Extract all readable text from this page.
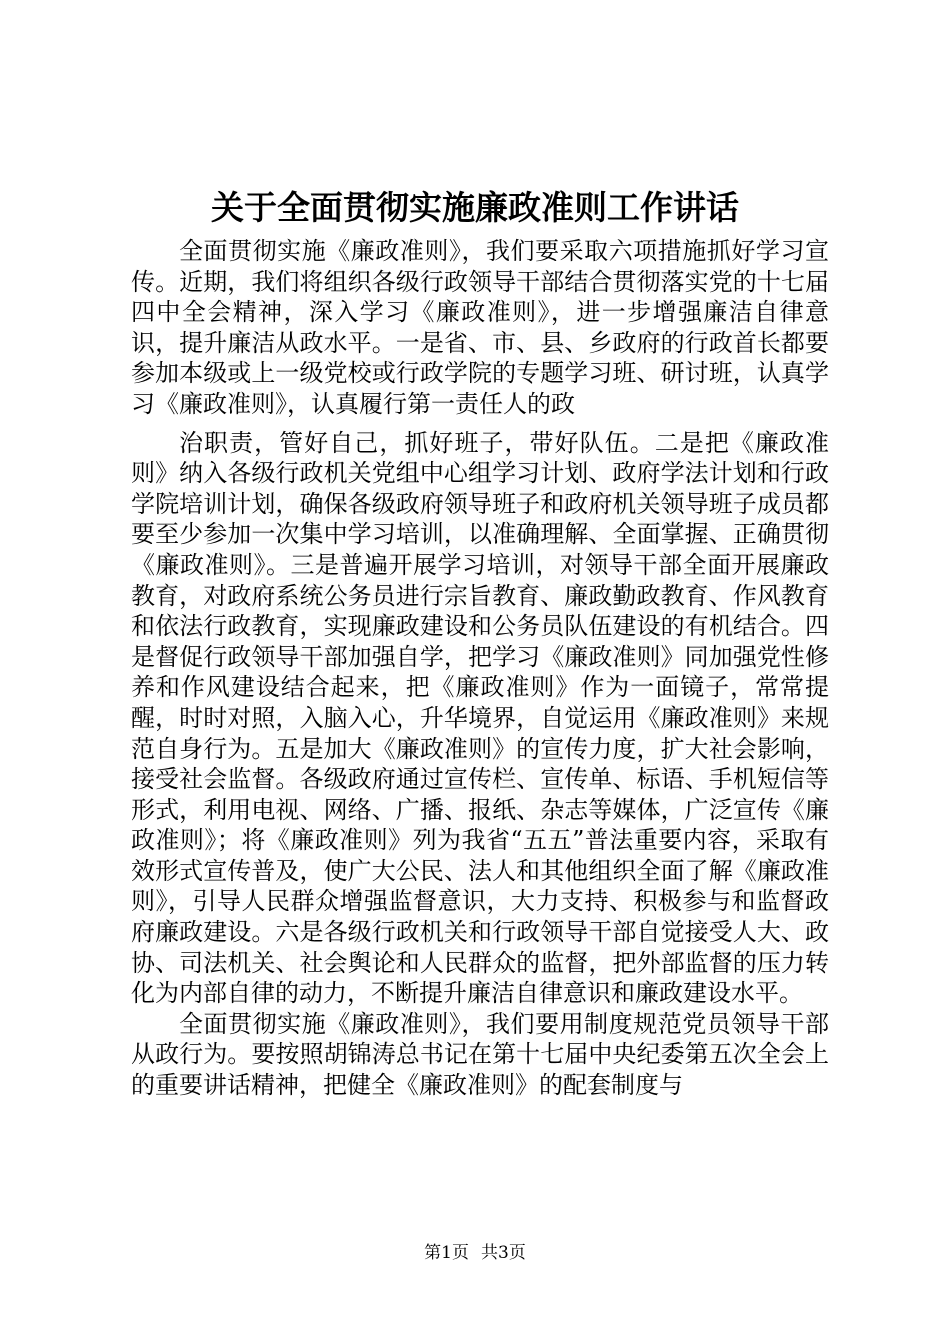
关于全面贯彻实施廉政准则工作讲话

全面贯彻实施《廉政准则》，我们要采取六项措施抓好学习宣传。近期，我们将组织各级行政领导干部结合贯彻落实党的十七届四中全会精神，深入学习《廉政准则》，进一步增强廉洁自律意识，提升廉洁从政水平。一是省、市、县、乡政府的行政首长都要参加本级或上一级党校或行政学院的专题学习班、研讨班，认真学习《廉政准则》，认真履行第一责任人的政

治职责，管好自己，抓好班子，带好队伍。二是把《廉政准则》纳入各级行政机关党组中心组学习计划、政府学法计划和行政学院培训计划，确保各级政府领导班子和政府机关领导班子成员都要至少参加一次集中学习培训，以准确理解、全面掌握、正确贯彻《廉政准则》。三是普遍开展学习培训，对领导干部全面开展廉政教育，对政府系统公务员进行宗旨教育、廉政勤政教育、作风教育和依法行政教育，实现廉政建设和公务员队伍建设的有机结合。四是督促行政领导干部加强自学，把学习《廉政准则》同加强党性修养和作风建设结合起来，把《廉政准则》作为一面镜子，常常提醒，时时对照，入脑入心，升华境界，自觉运用《廉政准则》来规范自身行为。五是加大《廉政准则》的宣传力度，扩大社会影响，接受社会监督。各级政府通过宣传栏、宣传单、标语、手机短信等形式，利用电视、网络、广播、报纸、杂志等媒体，广泛宣传《廉政准则》；将《廉政准则》列为我省“五五”普法重要内容，采取有效形式宣传普及，使广大公民、法人和其他组织全面了解《廉政准则》，引导人民群众增强监督意识，大力支持、积极参与和监督政府廉政建设。六是各级行政机关和行政领导干部自觉接受人大、政协、司法机关、社会舆论和人民群众的监督，把外部监督的压力转化为内部自律的动力，不断提升廉洁自律意识和廉政建设水平。

全面贯彻实施《廉政准则》，我们要用制度规范党员领导干部从政行为。要按照胡锦涛总书记在第十七届中央纪委第五次全会上的重要讲话精神，把健全《廉政准则》的配套制度与

第1页 共3页
